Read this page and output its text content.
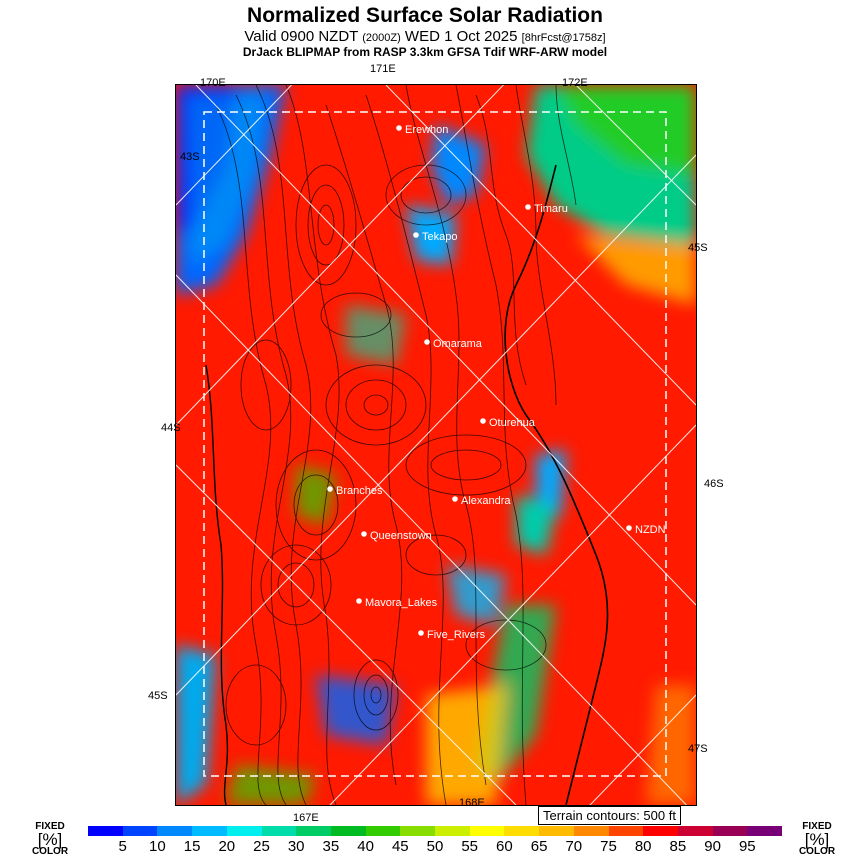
Normalized Surface Solar Radiation
Valid 0900 NZDT (2000Z) WED 1 Oct 2025 [8hrFcst@1758z]
DrJack BLIPMAP from RASP 3.3km GFSA Tdif WRF-ARW model
Erewhon
Timaru
Tekapo
Omarama
Oturehua
Branches
Alexandra
Queenstown	NZDN
Mavora_Lakes
Five_Rivers
170E
171E
172E
43S
44S
45S
45S
46S
47S
167E
168E
Terrain contours: 500 ft
FIXED
[%]
COLOR
FIXED
[%]
COLOR
5 10 15 20 25 30 35 40 45 50 55 60 65 70 75 80 85 90 95
